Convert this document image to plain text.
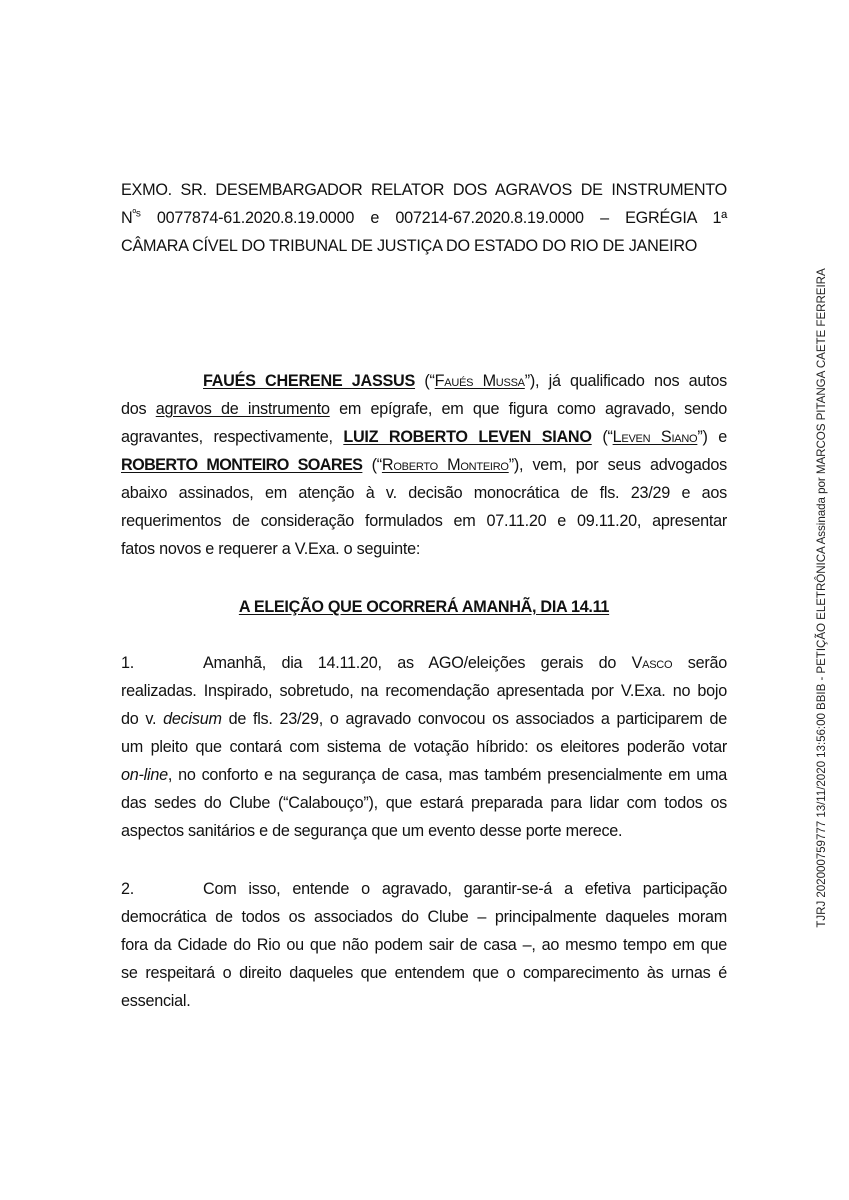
EXMO. SR. DESEMBARGADOR RELATOR DOS AGRAVOS DE INSTRUMENTO
$N^{ºs}$ 0077874-61.2020.8.19.0000 e 007214-67.2020.8.19.0000 – EGRÉGIA 1ª
CÂMARA CÍVEL DO TRIBUNAL DE JUSTIÇA DO ESTADO DO RIO DE JANEIRO
FAUÉS CHERENE JASSUS (“Faués Mussa”), já qualificado nos autos
dos agravos de instrumento em epígrafe, em que figura como agravado, sendo
agravantes, respectivamente, LUIZ ROBERTO LEVEN SIANO (“Leven Siano”) e
ROBERTO MONTEIRO SOARES (“Roberto Monteiro”), vem, por seus advogados
abaixo assinados, em atenção à v. decisão monocrática de fls. 23/29 e aos
requerimentos de consideração formulados em 07.11.20 e 09.11.20, apresentar
fatos novos e requerer a V.Exa. o seguinte:
A ELEIÇÃO QUE OCORRERÁ AMANHÃ, DIA 14.11
1.	Amanhã, dia 14.11.20, as AGO/eleições gerais do Vasco serão
realizadas. Inspirado, sobretudo, na recomendação apresentada por V.Exa. no bojo
do v. decisum de fls. 23/29, o agravado convocou os associados a participarem de
um pleito que contará com sistema de votação híbrido: os eleitores poderão votar
on-line, no conforto e na segurança de casa, mas também presencialmente em uma
das sedes do Clube (“Calabouço”), que estará preparada para lidar com todos os
aspectos sanitários e de segurança que um evento desse porte merece.
2.	Com isso, entende o agravado, garantir-se-á a efetiva participação
democrática de todos os associados do Clube – principalmente daqueles moram
fora da Cidade do Rio ou que não podem sair de casa –, ao mesmo tempo em que
se respeitará o direito daqueles que entendem que o comparecimento às urnas é
essencial.
TJRJ 202000759777 13/11/2020 13:56:00 BBIB - PETIÇÃO ELETRÔNICA Assinada por MARCOS PITANGA CAETE FERREIRA
